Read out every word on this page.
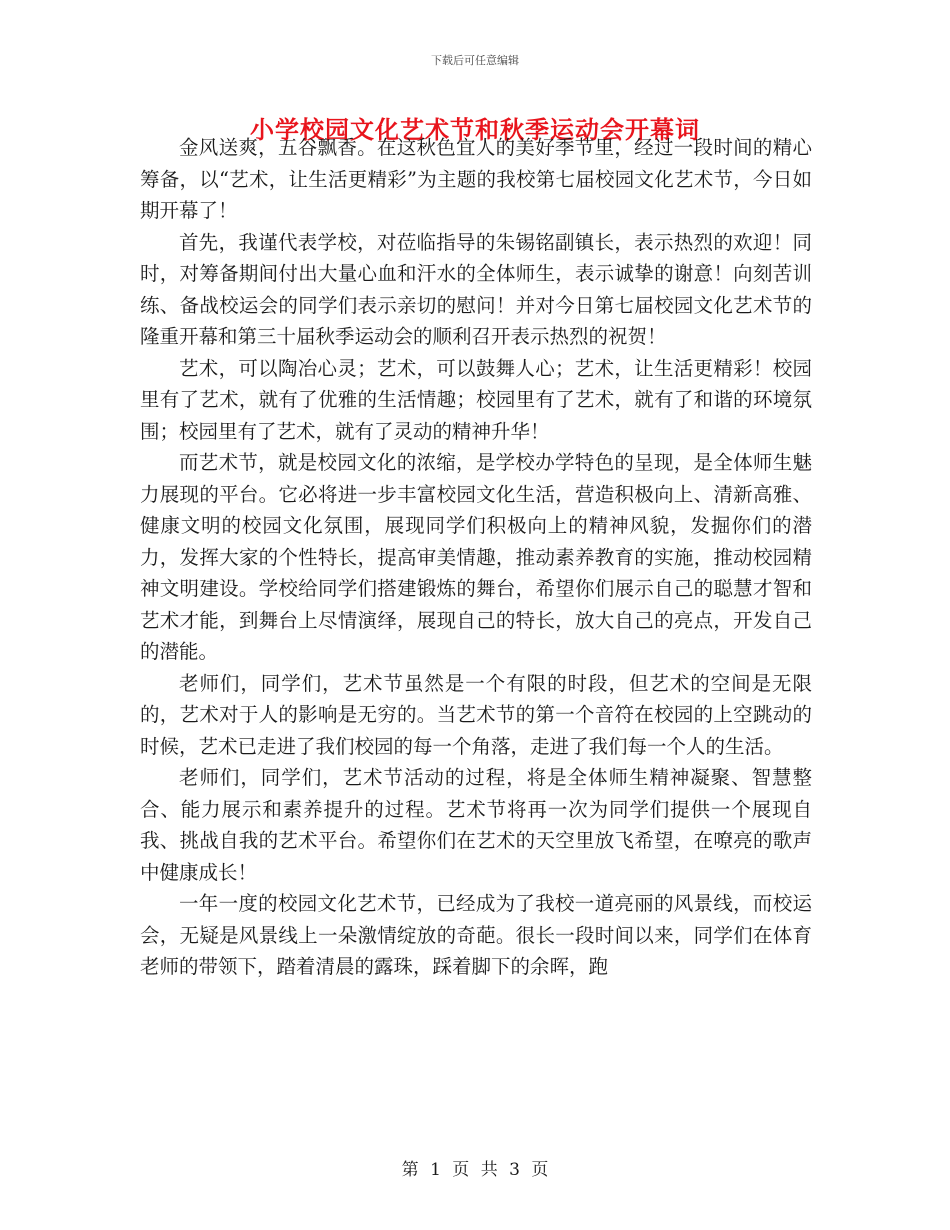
下载后可任意编辑
小学校园文化艺术节和秋季运动会开幕词

金风送爽，五谷飘香。在这秋色宜人的美好季节里，经过一段时间的精心筹备，以“艺术，让生活更精彩”为主题的我校第七届校园文化艺术节，今日如期开幕了！

首先，我谨代表学校，对莅临指导的朱锡铭副镇长，表示热烈的欢迎！同时，对筹备期间付出大量心血和汗水的全体师生，表示诚挚的谢意！向刻苦训练、备战校运会的同学们表示亲切的慰问！并对今日第七届校园文化艺术节的隆重开幕和第三十届秋季运动会的顺利召开表示热烈的祝贺！

艺术，可以陶冶心灵；艺术，可以鼓舞人心；艺术，让生活更精彩！校园里有了艺术，就有了优雅的生活情趣；校园里有了艺术，就有了和谐的环境氛围；校园里有了艺术，就有了灵动的精神升华！

而艺术节，就是校园文化的浓缩，是学校办学特色的呈现，是全体师生魅力展现的平台。它必将进一步丰富校园文化生活，营造积极向上、清新高雅、健康文明的校园文化氛围，展现同学们积极向上的精神风貌，发掘你们的潜力，发挥大家的个性特长，提高审美情趣，推动素养教育的实施，推动校园精神文明建设。学校给同学们搭建锻炼的舞台，希望你们展示自己的聪慧才智和艺术才能，到舞台上尽情演绎，展现自己的特长，放大自己的亮点，开发自己的潜能。

老师们，同学们，艺术节虽然是一个有限的时段，但艺术的空间是无限的，艺术对于人的影响是无穷的。当艺术节的第一个音符在校园的上空跳动的时候，艺术已走进了我们校园的每一个角落，走进了我们每一个人的生活。

老师们，同学们，艺术节活动的过程，将是全体师生精神凝聚、智慧整合、能力展示和素养提升的过程。艺术节将再一次为同学们提供一个展现自我、挑战自我的艺术平台。希望你们在艺术的天空里放飞希望，在嘹亮的歌声中健康成长！

一年一度的校园文化艺术节，已经成为了我校一道亮丽的风景线，而校运会，无疑是风景线上一朵激情绽放的奇葩。很长一段时间以来，同学们在体育老师的带领下，踏着清晨的露珠，踩着脚下的余晖，跑

第 1 页 共 3 页
